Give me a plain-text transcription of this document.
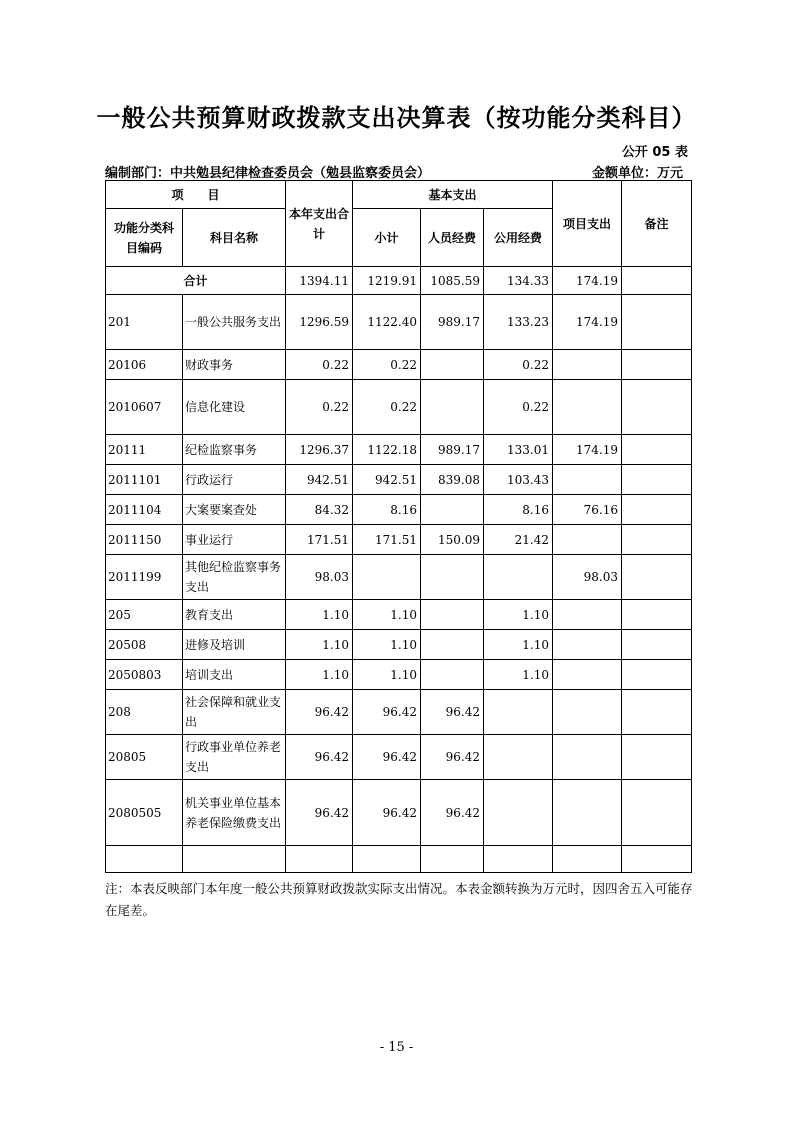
一般公共预算财政拨款支出决算表（按功能分类科目）
公开 05 表
编制部门：中共勉县纪律检查委员会（勉县监察委员会）	金额单位：万元
项　　目		本年支出合计	基本支出			项目支出	备注
功能分类科目编码	科目名称		小计	人员经费	公用经费		
合计		1394.11	1219.91	1085.59	134.33	174.19	
201	一般公共服务支出	1296.59	1122.40	989.17	133.23	174.19	
20106	财政事务	0.22	0.22		0.22		
2010607	信息化建设	0.22	0.22		0.22		
20111	纪检监察事务	1296.37	1122.18	989.17	133.01	174.19	
2011101	行政运行	942.51	942.51	839.08	103.43		
2011104	大案要案查处	84.32	8.16		8.16	76.16	
2011150	事业运行	171.51	171.51	150.09	21.42		
2011199	其他纪检监察事务支出	98.03				98.03	
205	教育支出	1.10	1.10		1.10		
20508	进修及培训	1.10	1.10		1.10		
2050803	培训支出	1.10	1.10		1.10		
208	社会保障和就业支出	96.42	96.42	96.42			
20805	行政事业单位养老支出	96.42	96.42	96.42			
2080505	机关事业单位基本养老保险缴费支出	96.42	96.42	96.42			

注：本表反映部门本年度一般公共预算财政拨款实际支出情况。本表金额转换为万元时，因四舍五入可能存在尾差。
- 15 -
